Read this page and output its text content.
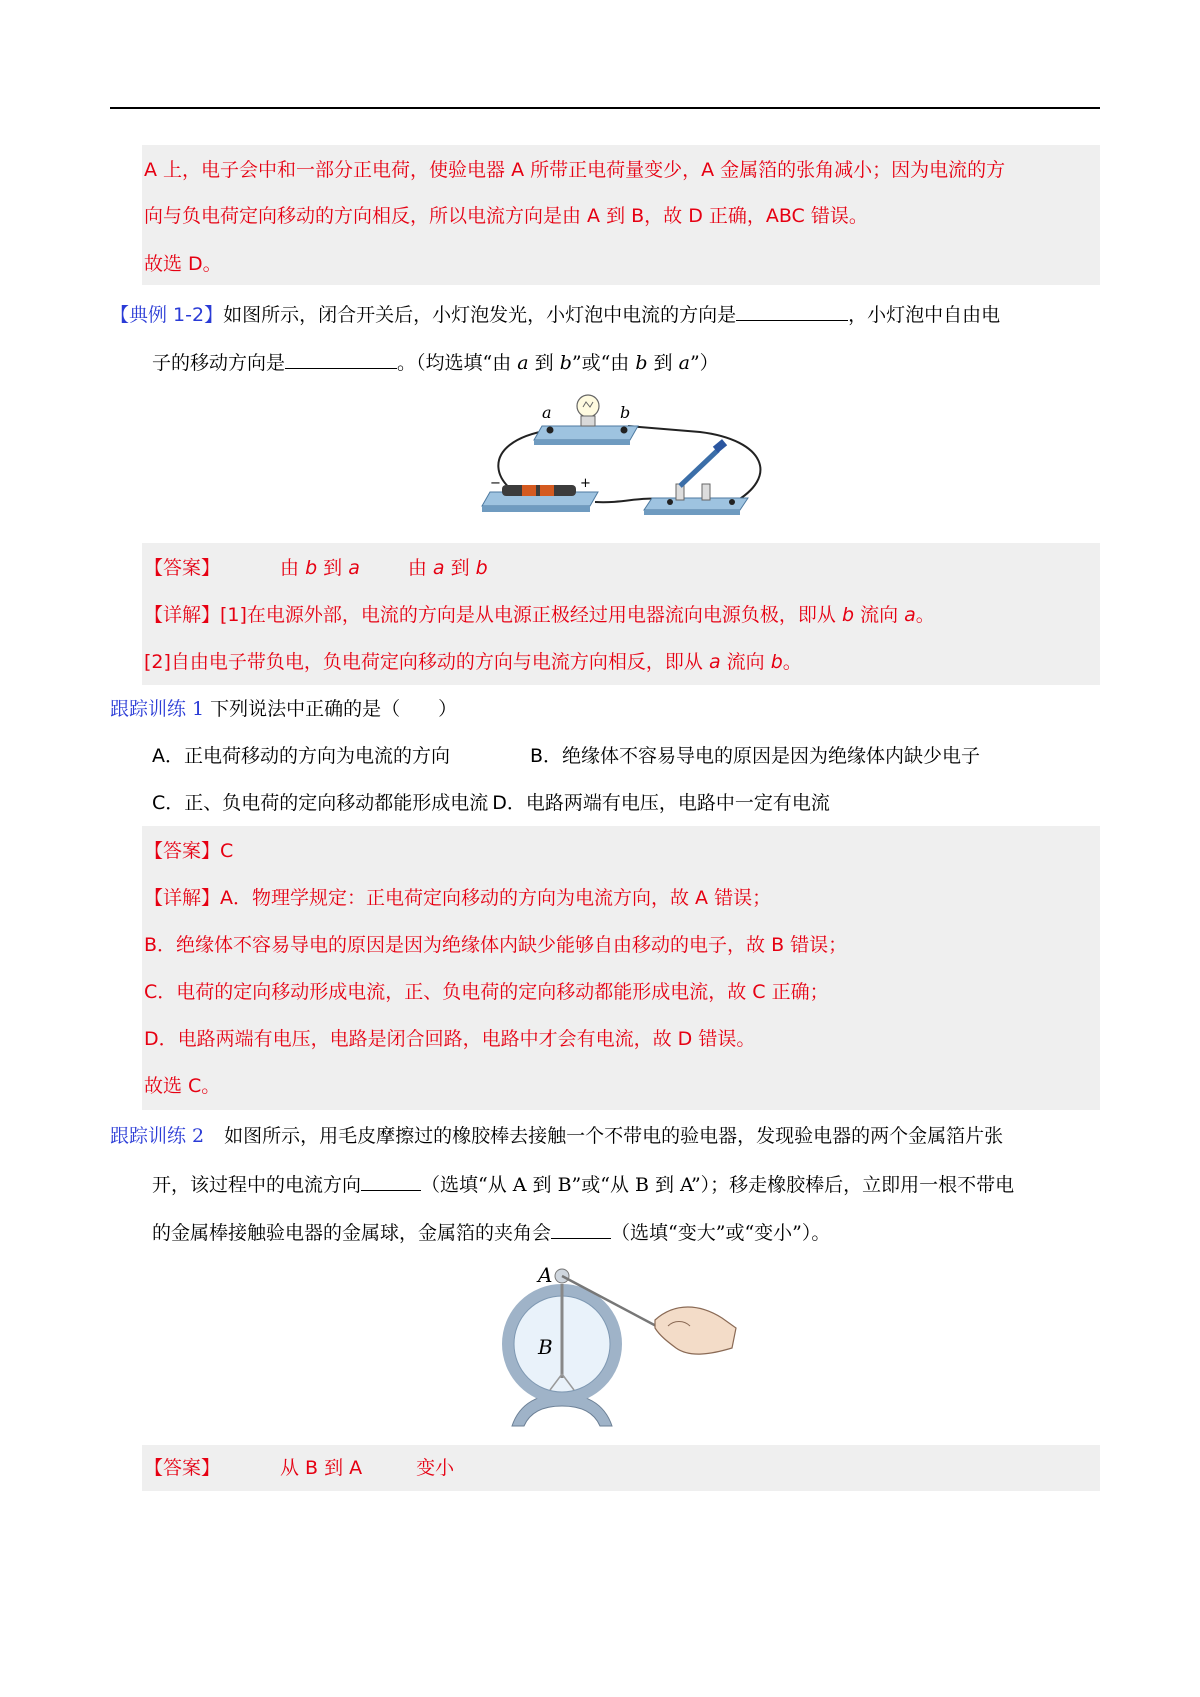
A 上，电子会中和一部分正电荷，使验电器 A 所带正电荷量变少，A 金属箔的张角减小；因为电流的方
向与负电荷定向移动的方向相反，所以电流方向是由 A 到 B，故 D 正确，ABC 错误。
故选 D。
【典例 1-2】如图所示，闭合开关后，小灯泡发光，小灯泡中电流的方向是	，小灯泡中自由电
子的移动方向是	。（均选填“由 a 到 b”或“由 b 到 a”）
a	b
−	+
【答案】	由 b 到 a	由 a 到 b
【详解】[1]在电源外部，电流的方向是从电源正极经过用电器流向电源负极，即从 b 流向 a。
[2]自由电子带负电，负电荷定向移动的方向与电流方向相反，即从 a 流向 b。
跟踪训练 1 下列说法中正确的是（　　）
A．正电荷移动的方向为电流的方向	B．绝缘体不容易导电的原因是因为绝缘体内缺少电子
C．正、负电荷的定向移动都能形成电流 D．电路两端有电压，电路中一定有电流
【答案】C
【详解】A．物理学规定：正电荷定向移动的方向为电流方向，故 A 错误；
B．绝缘体不容易导电的原因是因为绝缘体内缺少能够自由移动的电子，故 B 错误；
C．电荷的定向移动形成电流，正、负电荷的定向移动都能形成电流，故 C 正确；
D．电路两端有电压，电路是闭合回路，电路中才会有电流，故 D 错误。
故选 C。
跟踪训练 2 如图所示，用毛皮摩擦过的橡胶棒去接触一个不带电的验电器，发现验电器的两个金属箔片张
开，该过程中的电流方向	（选填“从 A 到 B”或“从 B 到 A”）；移走橡胶棒后，立即用一根不带电
的金属棒接触验电器的金属球，金属箔的夹角会	（选填“变大”或“变小”）。
A
B
【答案】	从 B 到 A	变小
